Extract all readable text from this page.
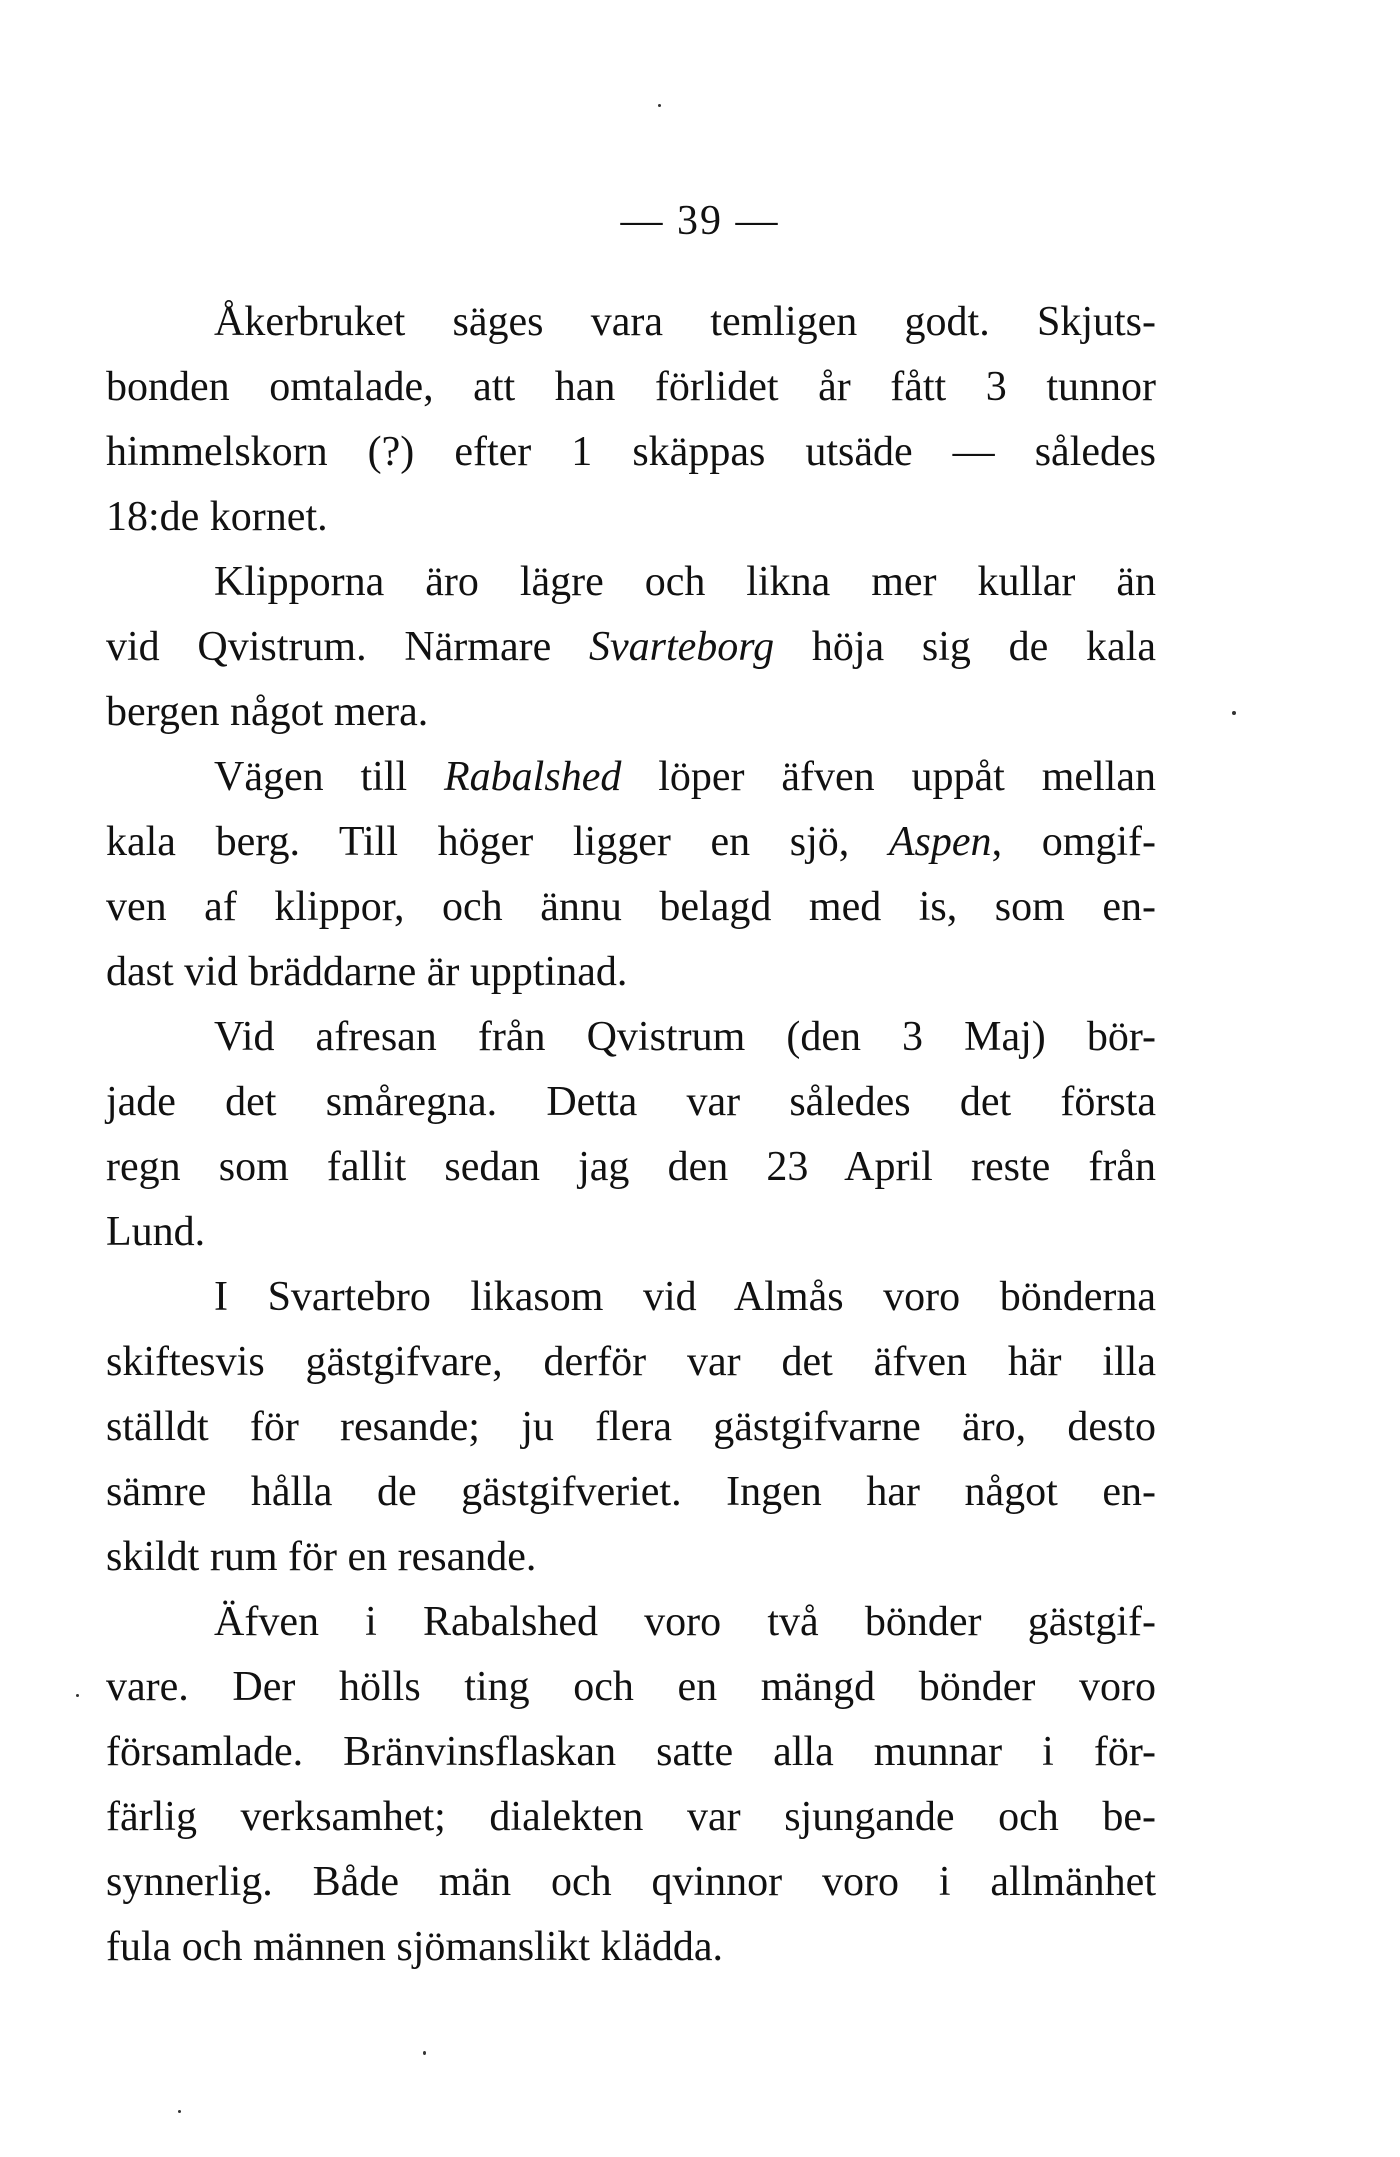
— 39 —
Åkerbruket säges vara temligen godt. Skjuts-
bonden omtalade, att han förlidet år fått 3 tunnor
himmelskorn (?) efter 1 skäppas utsäde — således
18:de kornet.
Klipporna äro lägre och likna mer kullar än
vid Qvistrum. Närmare Svarteborg höja sig de kala
bergen något mera.
Vägen till Rabalshed löper äfven uppåt mellan
kala berg. Till höger ligger en sjö, Aspen, omgif-
ven af klippor, och ännu belagd med is, som en-
dast vid bräddarne är upptinad.
Vid afresan från Qvistrum (den 3 Maj) bör-
jade det småregna. Detta var således det första
regn som fallit sedan jag den 23 April reste från
Lund.
I Svartebro likasom vid Almås voro bönderna
skiftesvis gästgifvare, derför var det äfven här illa
ställdt för resande; ju flera gästgifvarne äro, desto
sämre hålla de gästgifveriet. Ingen har något en-
skildt rum för en resande.
Äfven i Rabalshed voro två bönder gästgif-
vare. Der hölls ting och en mängd bönder voro
församlade. Bränvinsflaskan satte alla munnar i för-
färlig verksamhet; dialekten var sjungande och be-
synnerlig. Både män och qvinnor voro i allmänhet
fula och männen sjömanslikt klädda.
